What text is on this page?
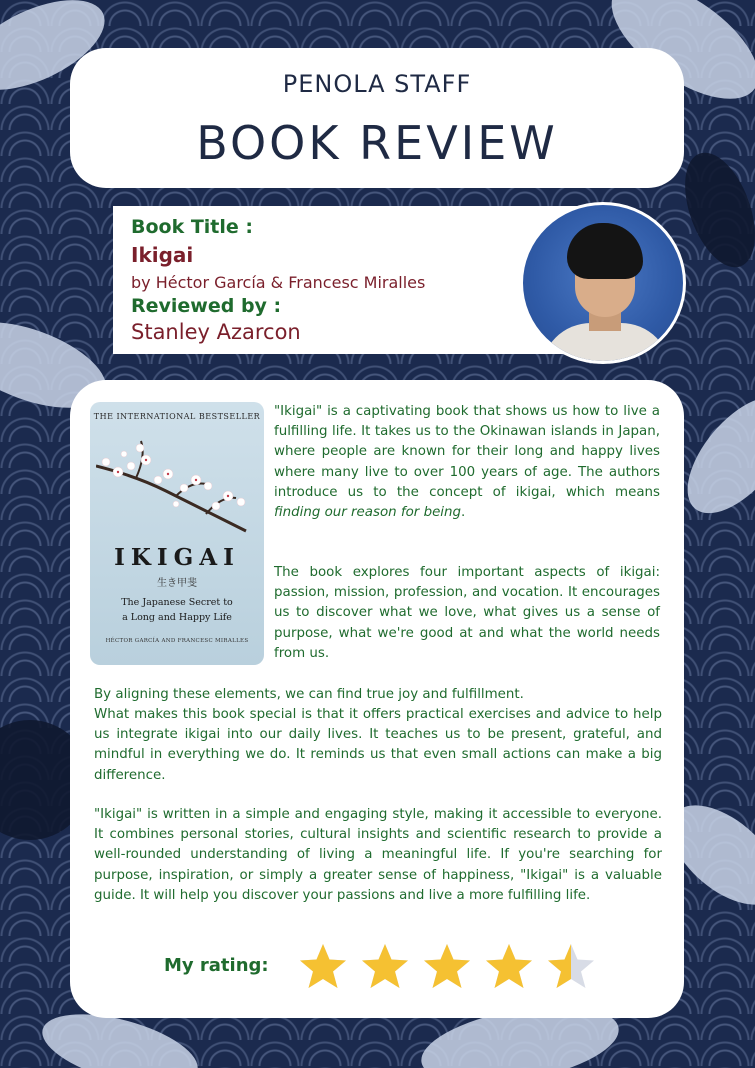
PENOLA STAFF
BOOK REVIEW
Book Title :
Ikigai
by Héctor García & Francesc Miralles
Reviewed by :
Stanley Azarcon
THE INTERNATIONAL BESTSELLER
IKIGAI
生き甲斐
The Japanese Secret to
a Long and Happy Life
HÉCTOR GARCÍA AND FRANCESC MIRALLES
"Ikigai" is a captivating book that shows us how to live a fulfilling life. It takes us to the Okinawan islands in Japan, where people are known for their long and happy lives where many live to over 100 years of age. The authors introduce us to the concept of ikigai, which means finding our reason for being.
The book explores four important aspects of ikigai: passion, mission, profession, and vocation. It encourages us to discover what we love, what gives us a sense of purpose, what we're good at and what the world needs from us.
By aligning these elements, we can find true joy and fulfillment.
What makes this book special is that it offers practical exercises and advice to help us integrate ikigai into our daily lives. It teaches us to be present, grateful, and mindful in everything we do. It reminds us that even small actions can make a big difference.
"Ikigai" is written in a simple and engaging style, making it accessible to everyone. It combines personal stories, cultural insights and scientific research to provide a well-rounded understanding of living a meaningful life. If you're searching for purpose, inspiration, or simply a greater sense of happiness, "Ikigai" is a valuable guide. It will help you discover your passions and live a more fulfilling life.
My rating:
